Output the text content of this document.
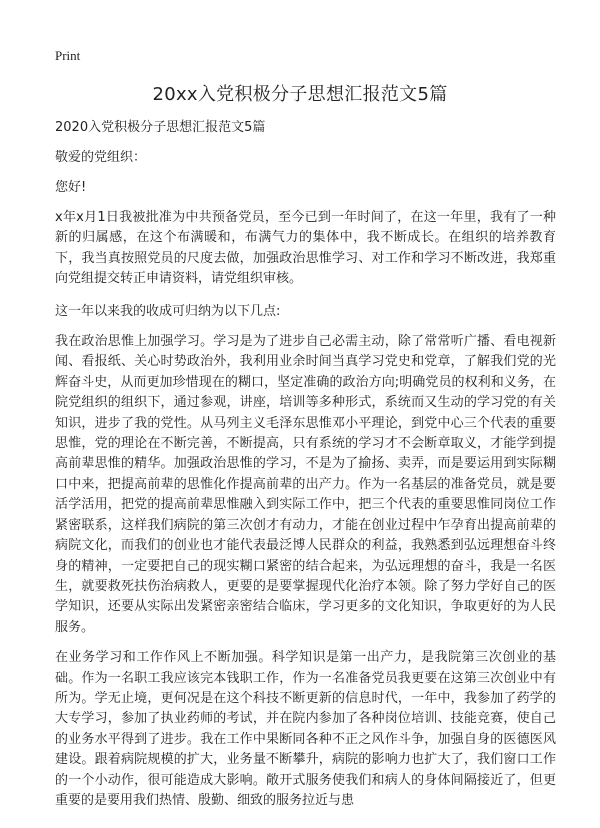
Print
20xx入党积极分子思想汇报范文5篇

2020入党积极分子思想汇报范文5篇

敬爱的党组织：

您好!

x年x月1日我被批准为中共预备党员，至今已到一年时间了，在这一年里，我有了一种新的归属感，在这个布满暖和，布满气力的集体中，我不断成长。在组织的培养教育下，我当真按照党员的尺度去做，加强政治思惟学习、对工作和学习不断改进，我郑重向党组提交转正申请资料，请党组织审核。

这一年以来我的收成可归纳为以下几点:

我在政治思惟上加强学习。学习是为了进步自己必需主动，除了常常听广播、看电视新闻、看报纸、关心时势政治外，我利用业余时间当真学习党史和党章，了解我们党的光辉奋斗史，从而更加珍惜现在的糊口，坚定准确的政治方向;明确党员的权利和义务，在院党组织的组织下，通过参观，讲座，培训等多种形式，系统而又生动的学习党的有关知识，进步了我的党性。从马列主义毛泽东思惟邓小平理论，到党中心三个代表的重要思惟，党的理论在不断完善，不断提高，只有系统的学习才不会断章取义，才能学到提高前辈思惟的精华。加强政治思惟的学习，不是为了揄扬、卖弄，而是要运用到实际糊口中来，把提高前辈的思惟化作提高前辈的出产力。作为一名基层的准备党员，就是要活学活用，把党的提高前辈思惟融入到实际工作中，把三个代表的重要思惟同岗位工作紧密联系，这样我们病院的第三次创才有动力，才能在创业过程中乍孕育出提高前辈的病院文化，而我们的创业也才能代表最泛博人民群众的利益，我熟悉到弘远理想奋斗终身的精神，一定要把自己的现实糊口紧密的结合起来，为弘远理想的奋斗，我是一名医生，就要救死扶伤治病救人，更要的是要掌握现代化治疗本领。除了努力学好自己的医学知识，还要从实际出发紧密亲密结合临床，学习更多的文化知识，争取更好的为人民服务。

在业务学习和工作作风上不断加强。科学知识是第一出产力，是我院第三次创业的基础。作为一名职工我应该完本钱职工作，作为一名准备党员我更要在这第三次创业中有所为。学无止境，更何况是在这个科技不断更新的信息时代，一年中，我参加了药学的大专学习，参加了执业药师的考试，并在院内参加了各种岗位培训、技能竞赛，使自己的业务水平得到了进步。我在工作中果断同各种不正之风作斗争，加强自身的医德医风建设。跟着病院规模的扩大，业务量不断攀升，病院的影响力也扩大了，我们窗口工作的一个小动作，很可能造成大影响。敞开式服务使我们和病人的身体间隔接近了，但更重要的是要用我们热情、殷勤、细致的服务拉近与患
